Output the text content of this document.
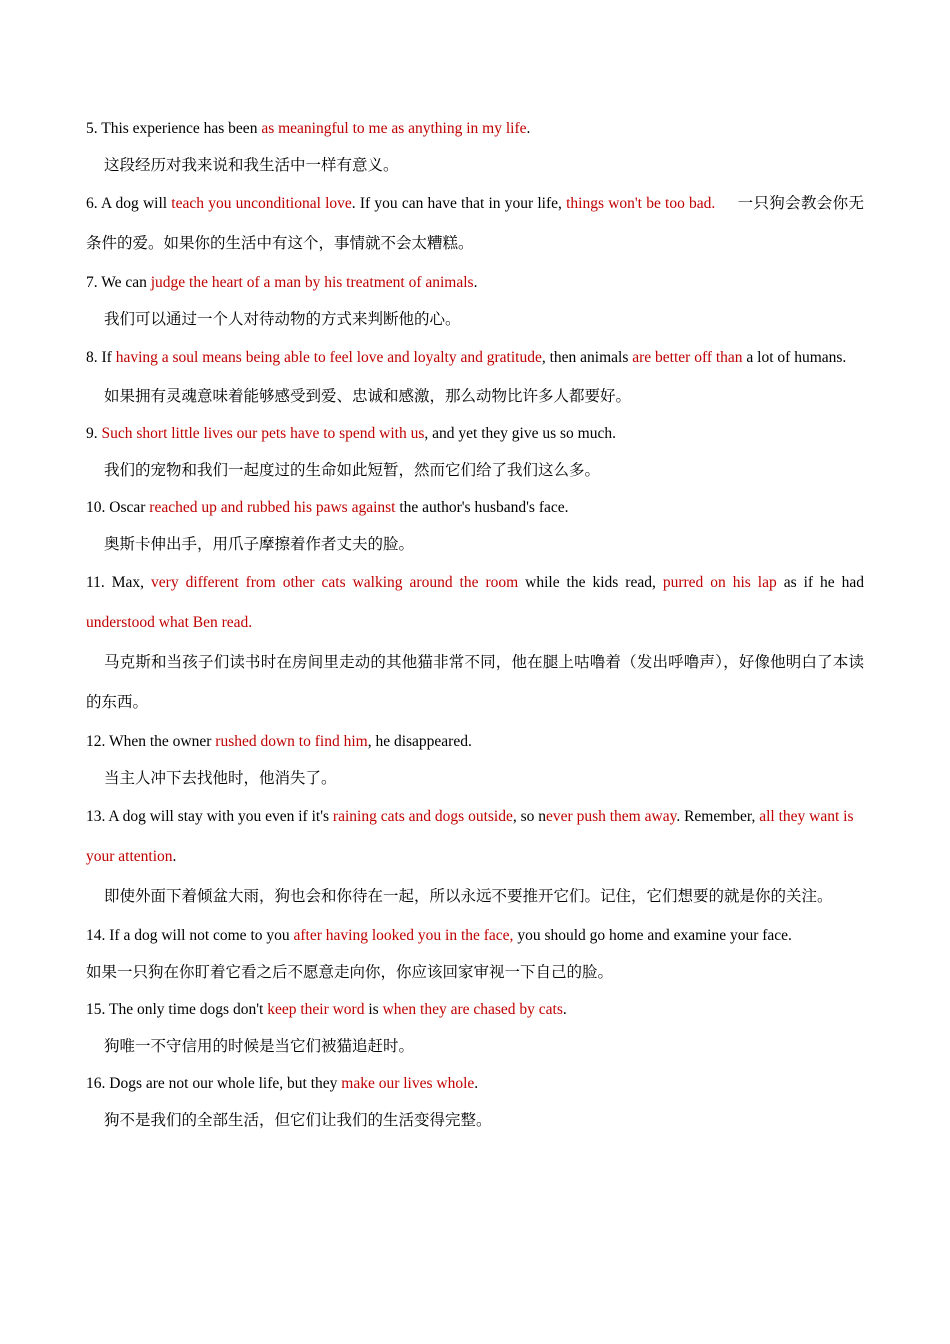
5. This experience has been as meaningful to me as anything in my life.

这段经历对我来说和我生活中一样有意义。

6. A dog will teach you unconditional love. If you can have that in your life, things won't be too bad. 一只狗会教会你无条件的爱。如果你的生活中有这个，事情就不会太糟糕。

7. We can judge the heart of a man by his treatment of animals.

我们可以通过一个人对待动物的方式来判断他的心。

8. If having a soul means being able to feel love and loyalty and gratitude, then animals are better off than a lot of humans.

如果拥有灵魂意味着能够感受到爱、忠诚和感激，那么动物比许多人都要好。

9. Such short little lives our pets have to spend with us, and yet they give us so much.

我们的宠物和我们一起度过的生命如此短暂，然而它们给了我们这么多。

10. Oscar reached up and rubbed his paws against the author's husband's face.

奥斯卡伸出手，用爪子摩擦着作者丈夫的脸。

11. Max, very different from other cats walking around the room while the kids read, purred on his lap as if he had understood what Ben read.

马克斯和当孩子们读书时在房间里走动的其他猫非常不同，他在腿上咕噜着（发出呼噜声），好像他明白了本读的东西。

12. When the owner rushed down to find him, he disappeared.

当主人冲下去找他时，他消失了。

13. A dog will stay with you even if it's raining cats and dogs outside, so never push them away. Remember, all they want is your attention.

即使外面下着倾盆大雨，狗也会和你待在一起，所以永远不要推开它们。记住，它们想要的就是你的关注。

14. If a dog will not come to you after having looked you in the face, you should go home and examine your face.

如果一只狗在你盯着它看之后不愿意走向你，你应该回家审视一下自己的脸。

15. The only time dogs don't keep their word is when they are chased by cats.

狗唯一不守信用的时候是当它们被猫追赶时。

16. Dogs are not our whole life, but they make our lives whole.

狗不是我们的全部生活，但它们让我们的生活变得完整。
